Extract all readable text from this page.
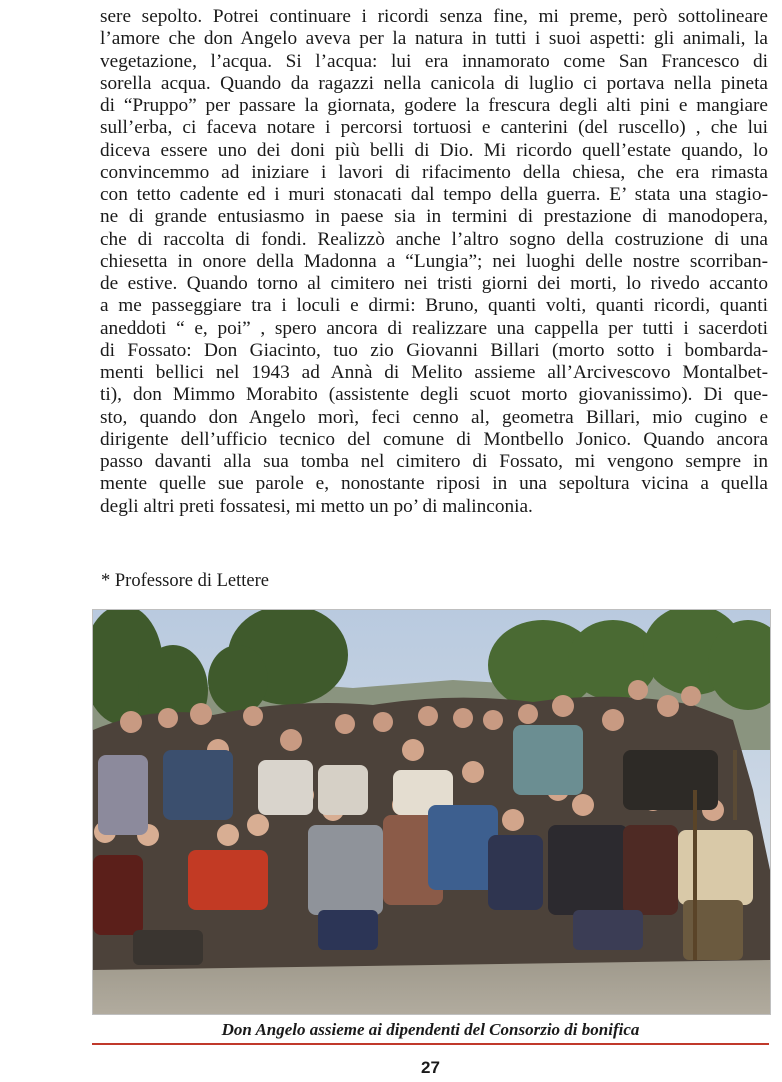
sere sepolto. Potrei continuare i ricordi senza fine, mi preme, però sottolineare
l’amore che don Angelo aveva per la natura in tutti i suoi aspetti: gli animali, la
vegetazione, l’acqua. Si l’acqua: lui era innamorato come San Francesco di
sorella acqua. Quando da ragazzi nella canicola di luglio ci portava nella pineta
di “Pruppo” per passare la giornata, godere la frescura degli alti pini e mangiare
sull’erba, ci faceva notare i percorsi tortuosi e canterini (del ruscello) , che lui
diceva essere uno dei doni più belli di Dio. Mi ricordo quell’estate quando, lo
convincemmo ad iniziare i lavori di rifacimento della chiesa, che era rimasta
con tetto cadente ed i muri stonacati dal tempo della guerra. E’ stata una stagio-
ne di grande entusiasmo in paese sia in termini di prestazione di manodopera,
che di raccolta di fondi. Realizzò anche l’altro sogno della costruzione di una
chiesetta in onore della Madonna a “Lungia”; nei luoghi delle nostre scorriban-
de estive. Quando torno al cimitero nei tristi giorni dei morti, lo rivedo accanto
a me passeggiare tra i loculi e dirmi: Bruno, quanti volti, quanti ricordi, quanti
aneddoti “ e, poi” , spero ancora di realizzare una cappella per tutti i sacerdoti
di Fossato: Don Giacinto, tuo zio Giovanni Billari (morto sotto i bombarda-
menti bellici nel 1943 ad Annà di Melito assieme all’Arcivescovo Montalbet-
ti), don Mimmo Morabito (assistente degli scuot morto giovanissimo). Di que-
sto, quando don Angelo morì, feci cenno al, geometra Billari, mio cugino e
dirigente dell’ufficio tecnico del comune di Montbello Jonico. Quando ancora
passo davanti alla sua tomba nel cimitero di Fossato, mi vengono sempre in
mente quelle sue parole e, nonostante riposi in una sepoltura vicina a quella
degli altri preti fossatesi, mi metto un po’ di malinconia.

* Professore di Lettere

Don Angelo assieme ai dipendenti del Consorzio di bonifica

27
